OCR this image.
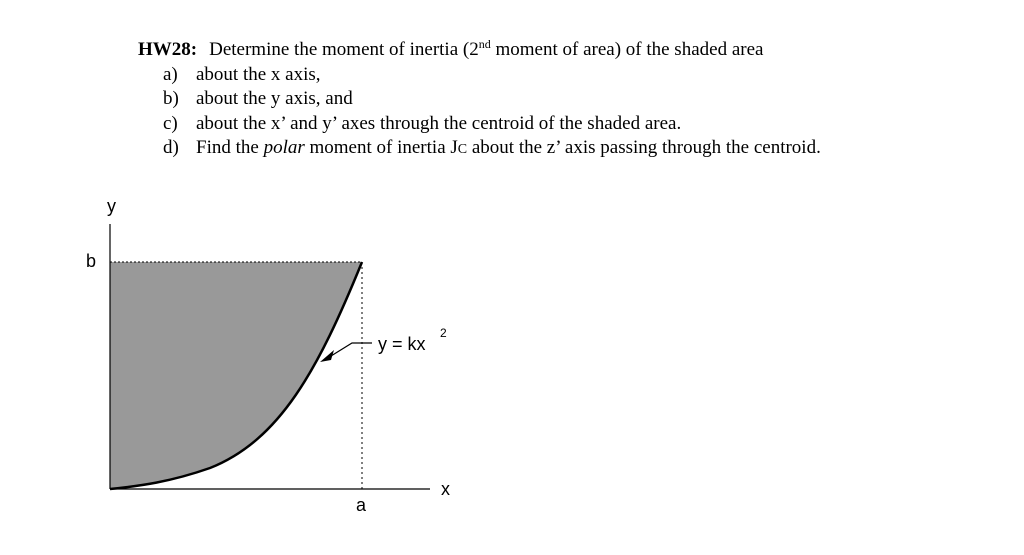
HW28: Determine the moment of inertia (2nd moment of area) of the shaded area
a) about the x axis,
b) about the y axis, and
c) about the x’ and y’ axes through the centroid of the shaded area.
d) Find the polar moment of inertia JC about the z’ axis passing through the centroid.
y
b
x
a
y = kx
2
